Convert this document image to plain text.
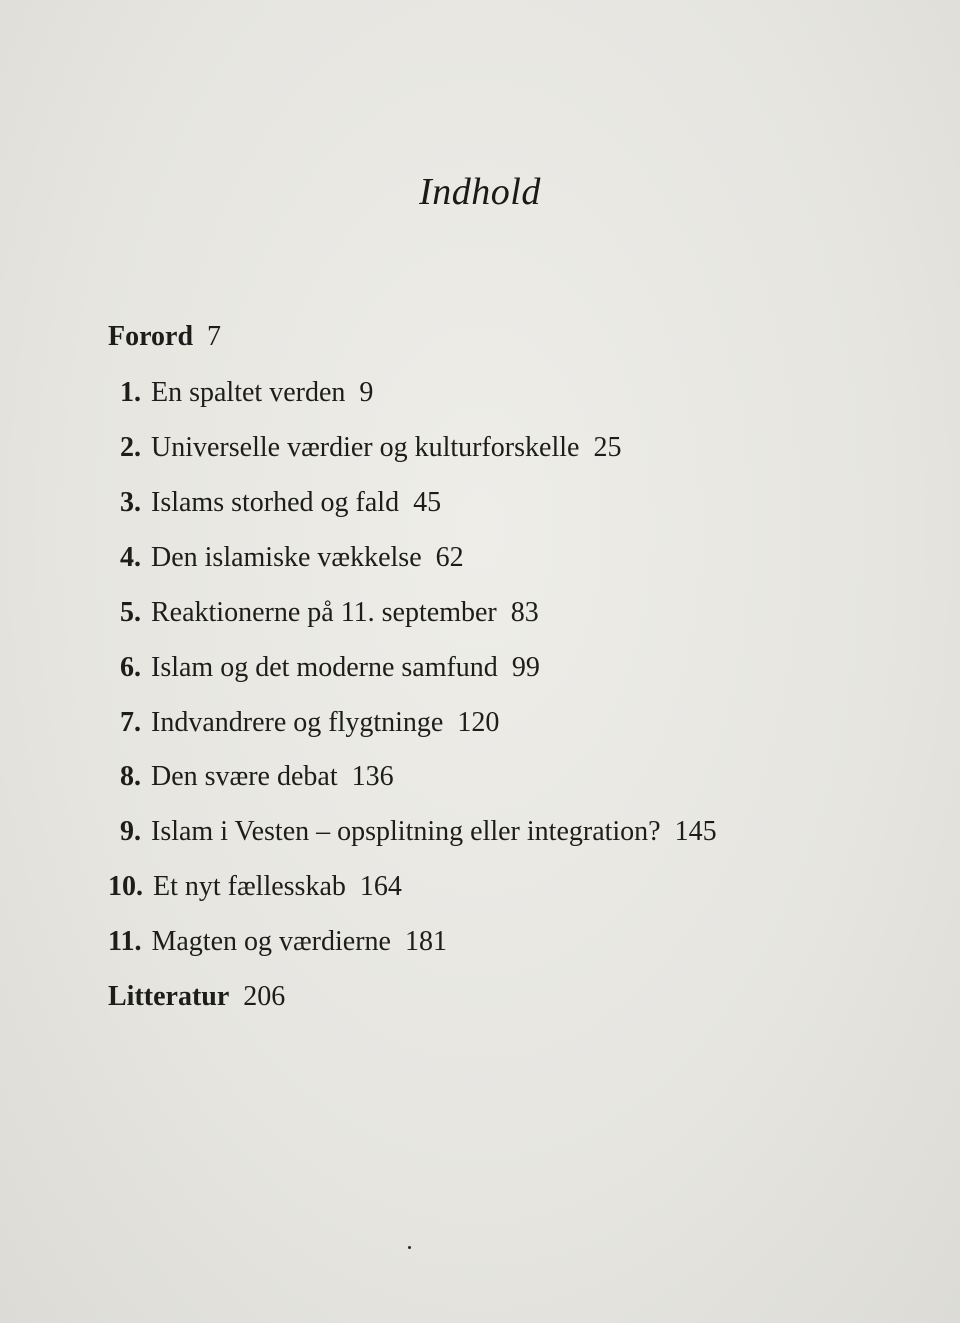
Indhold
Forord 7
1. En spaltet verden 9
2. Universelle værdier og kulturforskelle 25
3. Islams storhed og fald 45
4. Den islamiske vækkelse 62
5. Reaktionerne på 11. september 83
6. Islam og det moderne samfund 99
7. Indvandrere og flygtninge 120
8. Den svære debat 136
9. Islam i Vesten – opsplitning eller integration? 145
10. Et nyt fællesskab 164
11. Magten og værdierne 181
Litteratur 206
